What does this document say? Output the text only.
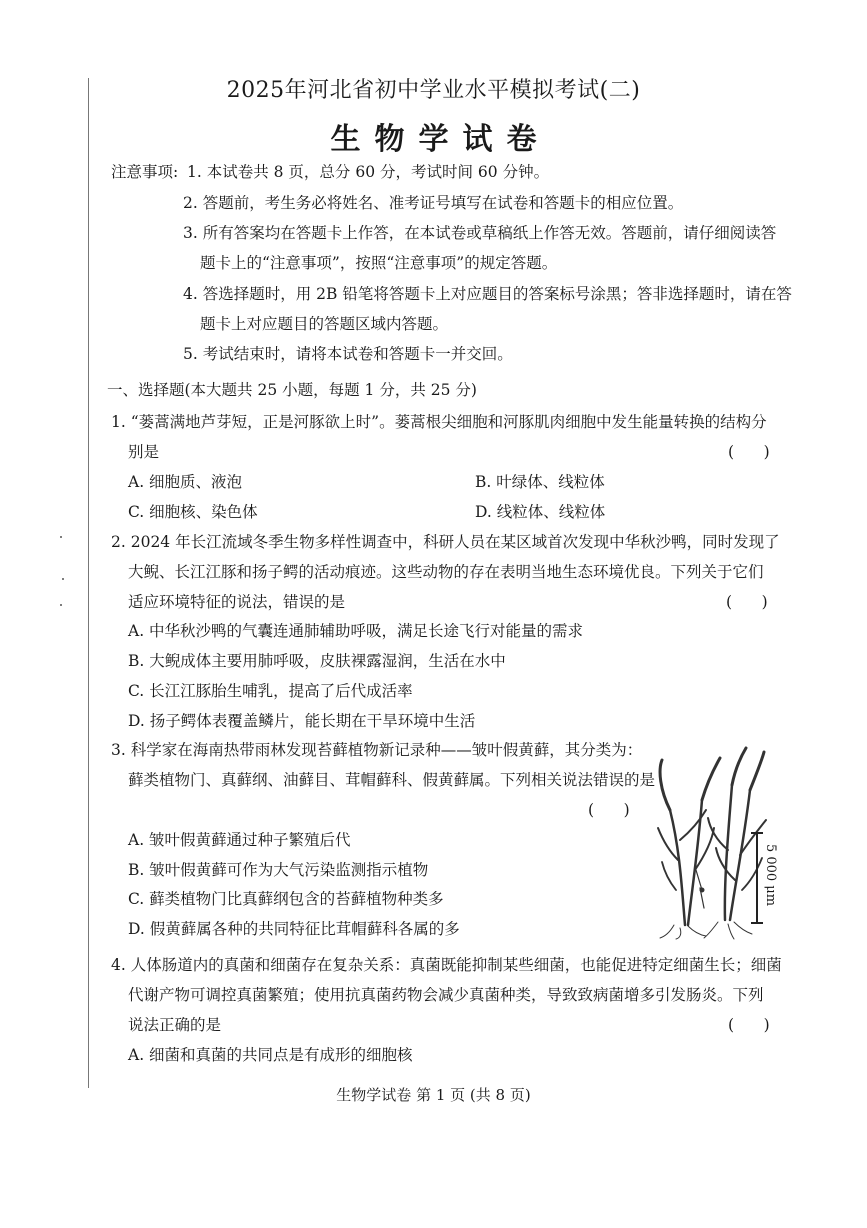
2025年河北省初中学业水平模拟考试(二)
生物学试卷
注意事项: 1. 本试卷共 8 页，总分 60 分，考试时间 60 分钟。
2. 答题前，考生务必将姓名、准考证号填写在试卷和答题卡的相应位置。
3. 所有答案均在答题卡上作答，在本试卷或草稿纸上作答无效。答题前，请仔细阅读答
题卡上的“注意事项”，按照“注意事项”的规定答题。
4. 答选择题时，用 2B 铅笔将答题卡上对应题目的答案标号涂黑；答非选择题时，请在答
题卡上对应题目的答题区域内答题。
5. 考试结束时，请将本试卷和答题卡一并交回。
一、选择题(本大题共 25 小题，每题 1 分，共 25 分)
1. “蒌蒿满地芦芽短，正是河豚欲上时”。蒌蒿根尖细胞和河豚肌肉细胞中发生能量转换的结构分
别是	(      )
A. 细胞质、液泡	B. 叶绿体、线粒体
C. 细胞核、染色体	D. 线粒体、线粒体
2. 2024 年长江流域冬季生物多样性调查中，科研人员在某区域首次发现中华秋沙鸭，同时发现了
大鲵、长江江豚和扬子鳄的活动痕迹。这些动物的存在表明当地生态环境优良。下列关于它们
适应环境特征的说法，错误的是	(      )
A. 中华秋沙鸭的气囊连通肺辅助呼吸，满足长途飞行对能量的需求
B. 大鲵成体主要用肺呼吸，皮肤裸露湿润，生活在水中
C. 长江江豚胎生哺乳，提高了后代成活率
D. 扬子鳄体表覆盖鳞片，能长期在干旱环境中生活
3. 科学家在海南热带雨林发现苔藓植物新记录种——皱叶假黄藓，其分类为：
藓类植物门、真藓纲、油藓目、茸帽藓科、假黄藓属。下列相关说法错误的是
(      )
A. 皱叶假黄藓通过种子繁殖后代
B. 皱叶假黄藓可作为大气污染监测指示植物
C. 藓类植物门比真藓纲包含的苔藓植物种类多
D. 假黄藓属各种的共同特征比茸帽藓科各属的多
5 000 μm
4. 人体肠道内的真菌和细菌存在复杂关系：真菌既能抑制某些细菌，也能促进特定细菌生长；细菌
代谢产物可调控真菌繁殖；使用抗真菌药物会减少真菌种类，导致致病菌增多引发肠炎。下列
说法正确的是	(      )
A. 细菌和真菌的共同点是有成形的细胞核
生物学试卷 第 1 页 (共 8 页)
